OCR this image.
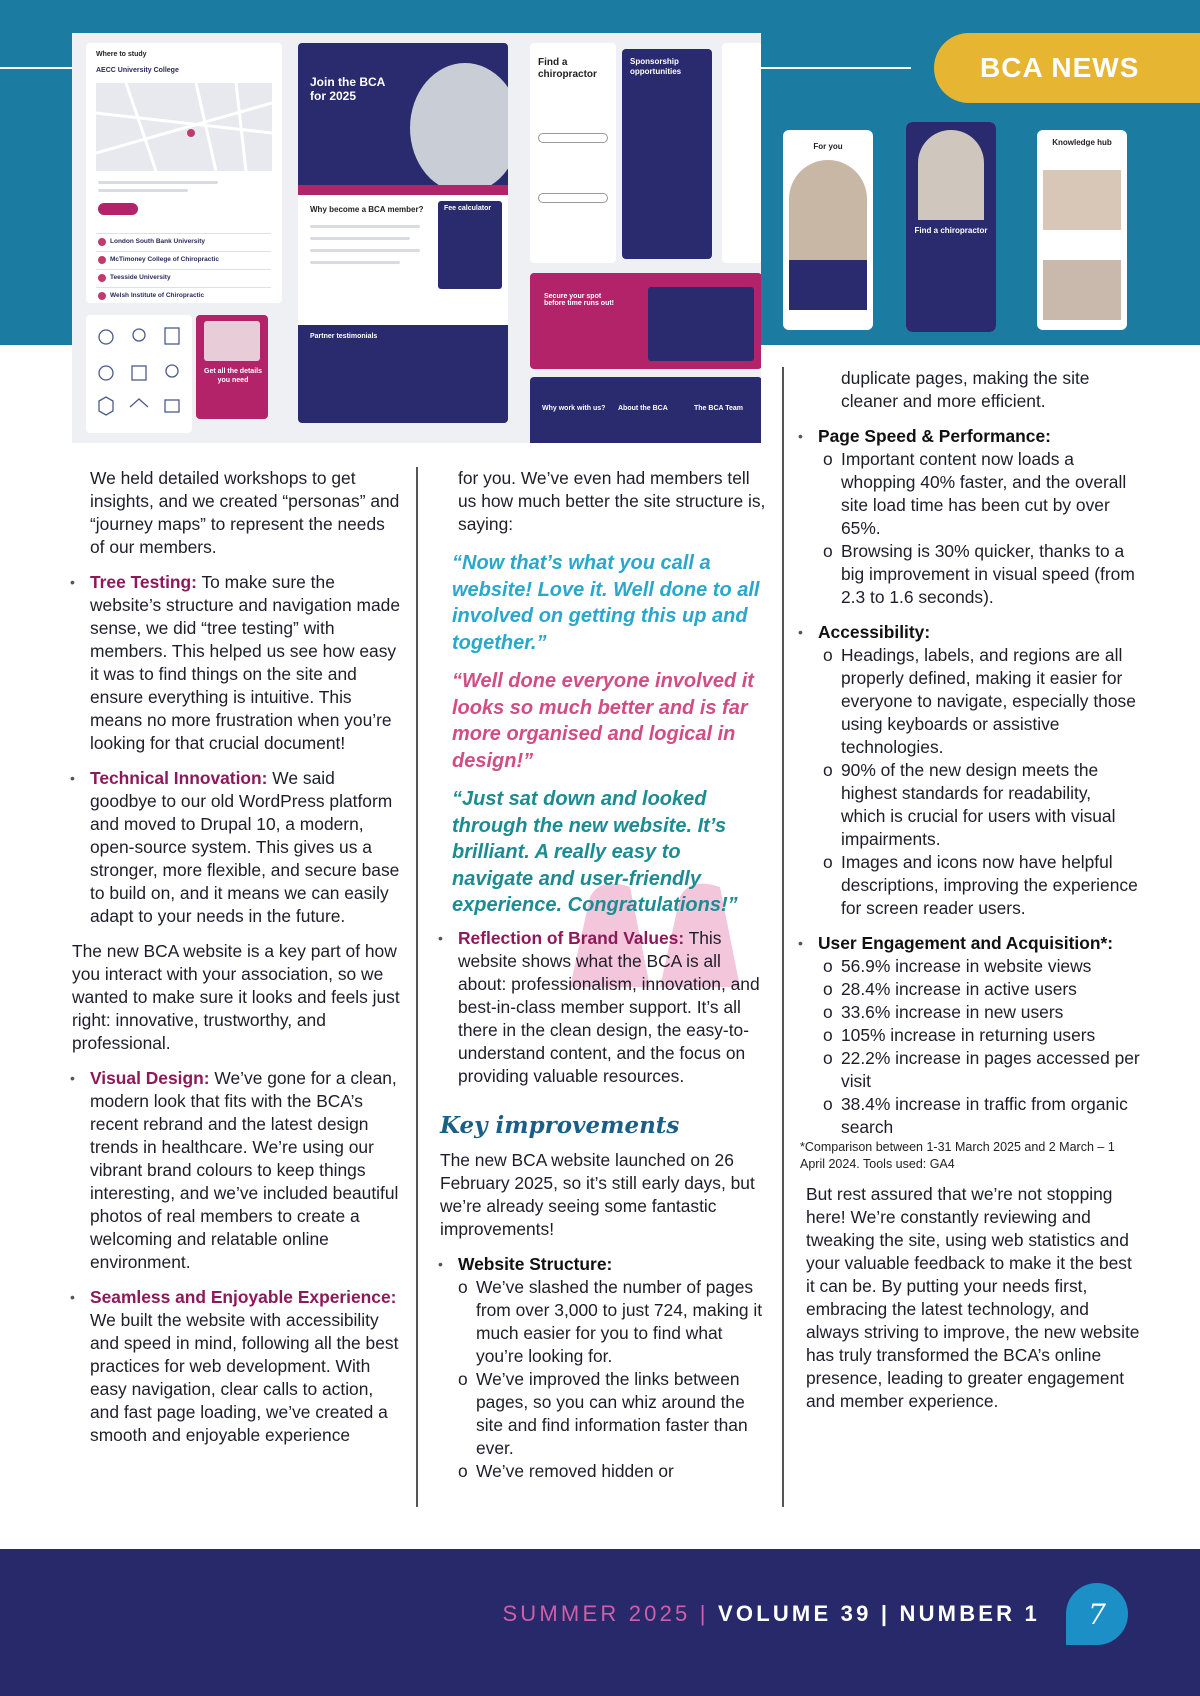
BCA NEWS
Where to study
AECC University College
London South Bank University
McTimoney College of Chiropractic
Teesside University
Welsh Institute of Chiropractic
Get all the details you need
Join the BCA for 2025
Why become a BCA member?	Fee calculator
Partner testimonials
Find a chiropractor
Sponsorship opportunities
Secure your spot before time runs out!
Why work with us? About the BCA	The BCA Team
For you
Find a chiropractor
Knowledge hub

We held detailed workshops to get insights, and we created “personas” and “journey maps” to represent the needs of our members.

• Tree Testing: To make sure the website’s structure and navigation made sense, we did “tree testing” with members. This helped us see how easy it was to find things on the site and ensure everything is intuitive. This means no more frustration when you’re looking for that crucial document!

• Technical Innovation: We said goodbye to our old WordPress platform and moved to Drupal 10, a modern, open-source system. This gives us a stronger, more flexible, and secure base to build on, and it means we can easily adapt to your needs in the future.

The new BCA website is a key part of how you interact with your association, so we wanted to make sure it looks and feels just right: innovative, trustworthy, and professional.

• Visual Design: We’ve gone for a clean, modern look that fits with the BCA’s recent rebrand and the latest design trends in healthcare. We’re using our vibrant brand colours to keep things interesting, and we’ve included beautiful photos of real members to create a welcoming and relatable online environment.

• Seamless and Enjoyable Experience: We built the website with accessibility and speed in mind, following all the best practices for web development. With easy navigation, clear calls to action, and fast page loading, we’ve created a smooth and enjoyable experience

for you. We’ve even had members tell us how much better the site structure is, saying:

“Now that’s what you call a website! Love it. Well done to all involved on getting this up and together.”

“Well done everyone involved it looks so much better and is far more organised and logical in design!”

“Just sat down and looked through the new website. It’s brilliant. A really easy to navigate and user-friendly experience. Congratulations!”

• Reflection of Brand Values: This website shows what the BCA is all about: professionalism, innovation, and best-in-class member support. It’s all there in the clean design, the easy-to-understand content, and the focus on providing valuable resources.

Key improvements

The new BCA website launched on 26 February 2025, so it’s still early days, but we’re already seeing some fantastic improvements!

• Website Structure:

o We’ve slashed the number of pages from over 3,000 to just 724, making it much easier for you to find what you’re looking for.

o We’ve improved the links between pages, so you can whiz around the site and find information faster than ever.

o We’ve removed hidden or

duplicate pages, making the site cleaner and more efficient.

• Page Speed & Performance:

o Important content now loads a whopping 40% faster, and the overall site load time has been cut by over 65%.

o Browsing is 30% quicker, thanks to a big improvement in visual speed (from 2.3 to 1.6 seconds).

• Accessibility:

o Headings, labels, and regions are all properly defined, making it easier for everyone to navigate, especially those using keyboards or assistive technologies.

o 90% of the new design meets the highest standards for readability, which is crucial for users with visual impairments.

o Images and icons now have helpful descriptions, improving the experience for screen reader users.

• User Engagement and Acquisition*:

o 56.9% increase in website views

o 28.4% increase in active users

o 33.6% increase in new users

o 105% increase in returning users

o 22.2% increase in pages accessed per visit

o 38.4% increase in traffic from organic search

*Comparison between 1-31 March 2025 and 2 March – 1 April 2024. Tools used: GA4

But rest assured that we’re not stopping here! We’re constantly reviewing and tweaking the site, using web statistics and your valuable feedback to make it the best it can be. By putting your needs first, embracing the latest technology, and always striving to improve, the new website has truly transformed the BCA’s online presence, leading to greater engagement and member experience.

SUMMER 2025 | VOLUME 39 | NUMBER 1	7
